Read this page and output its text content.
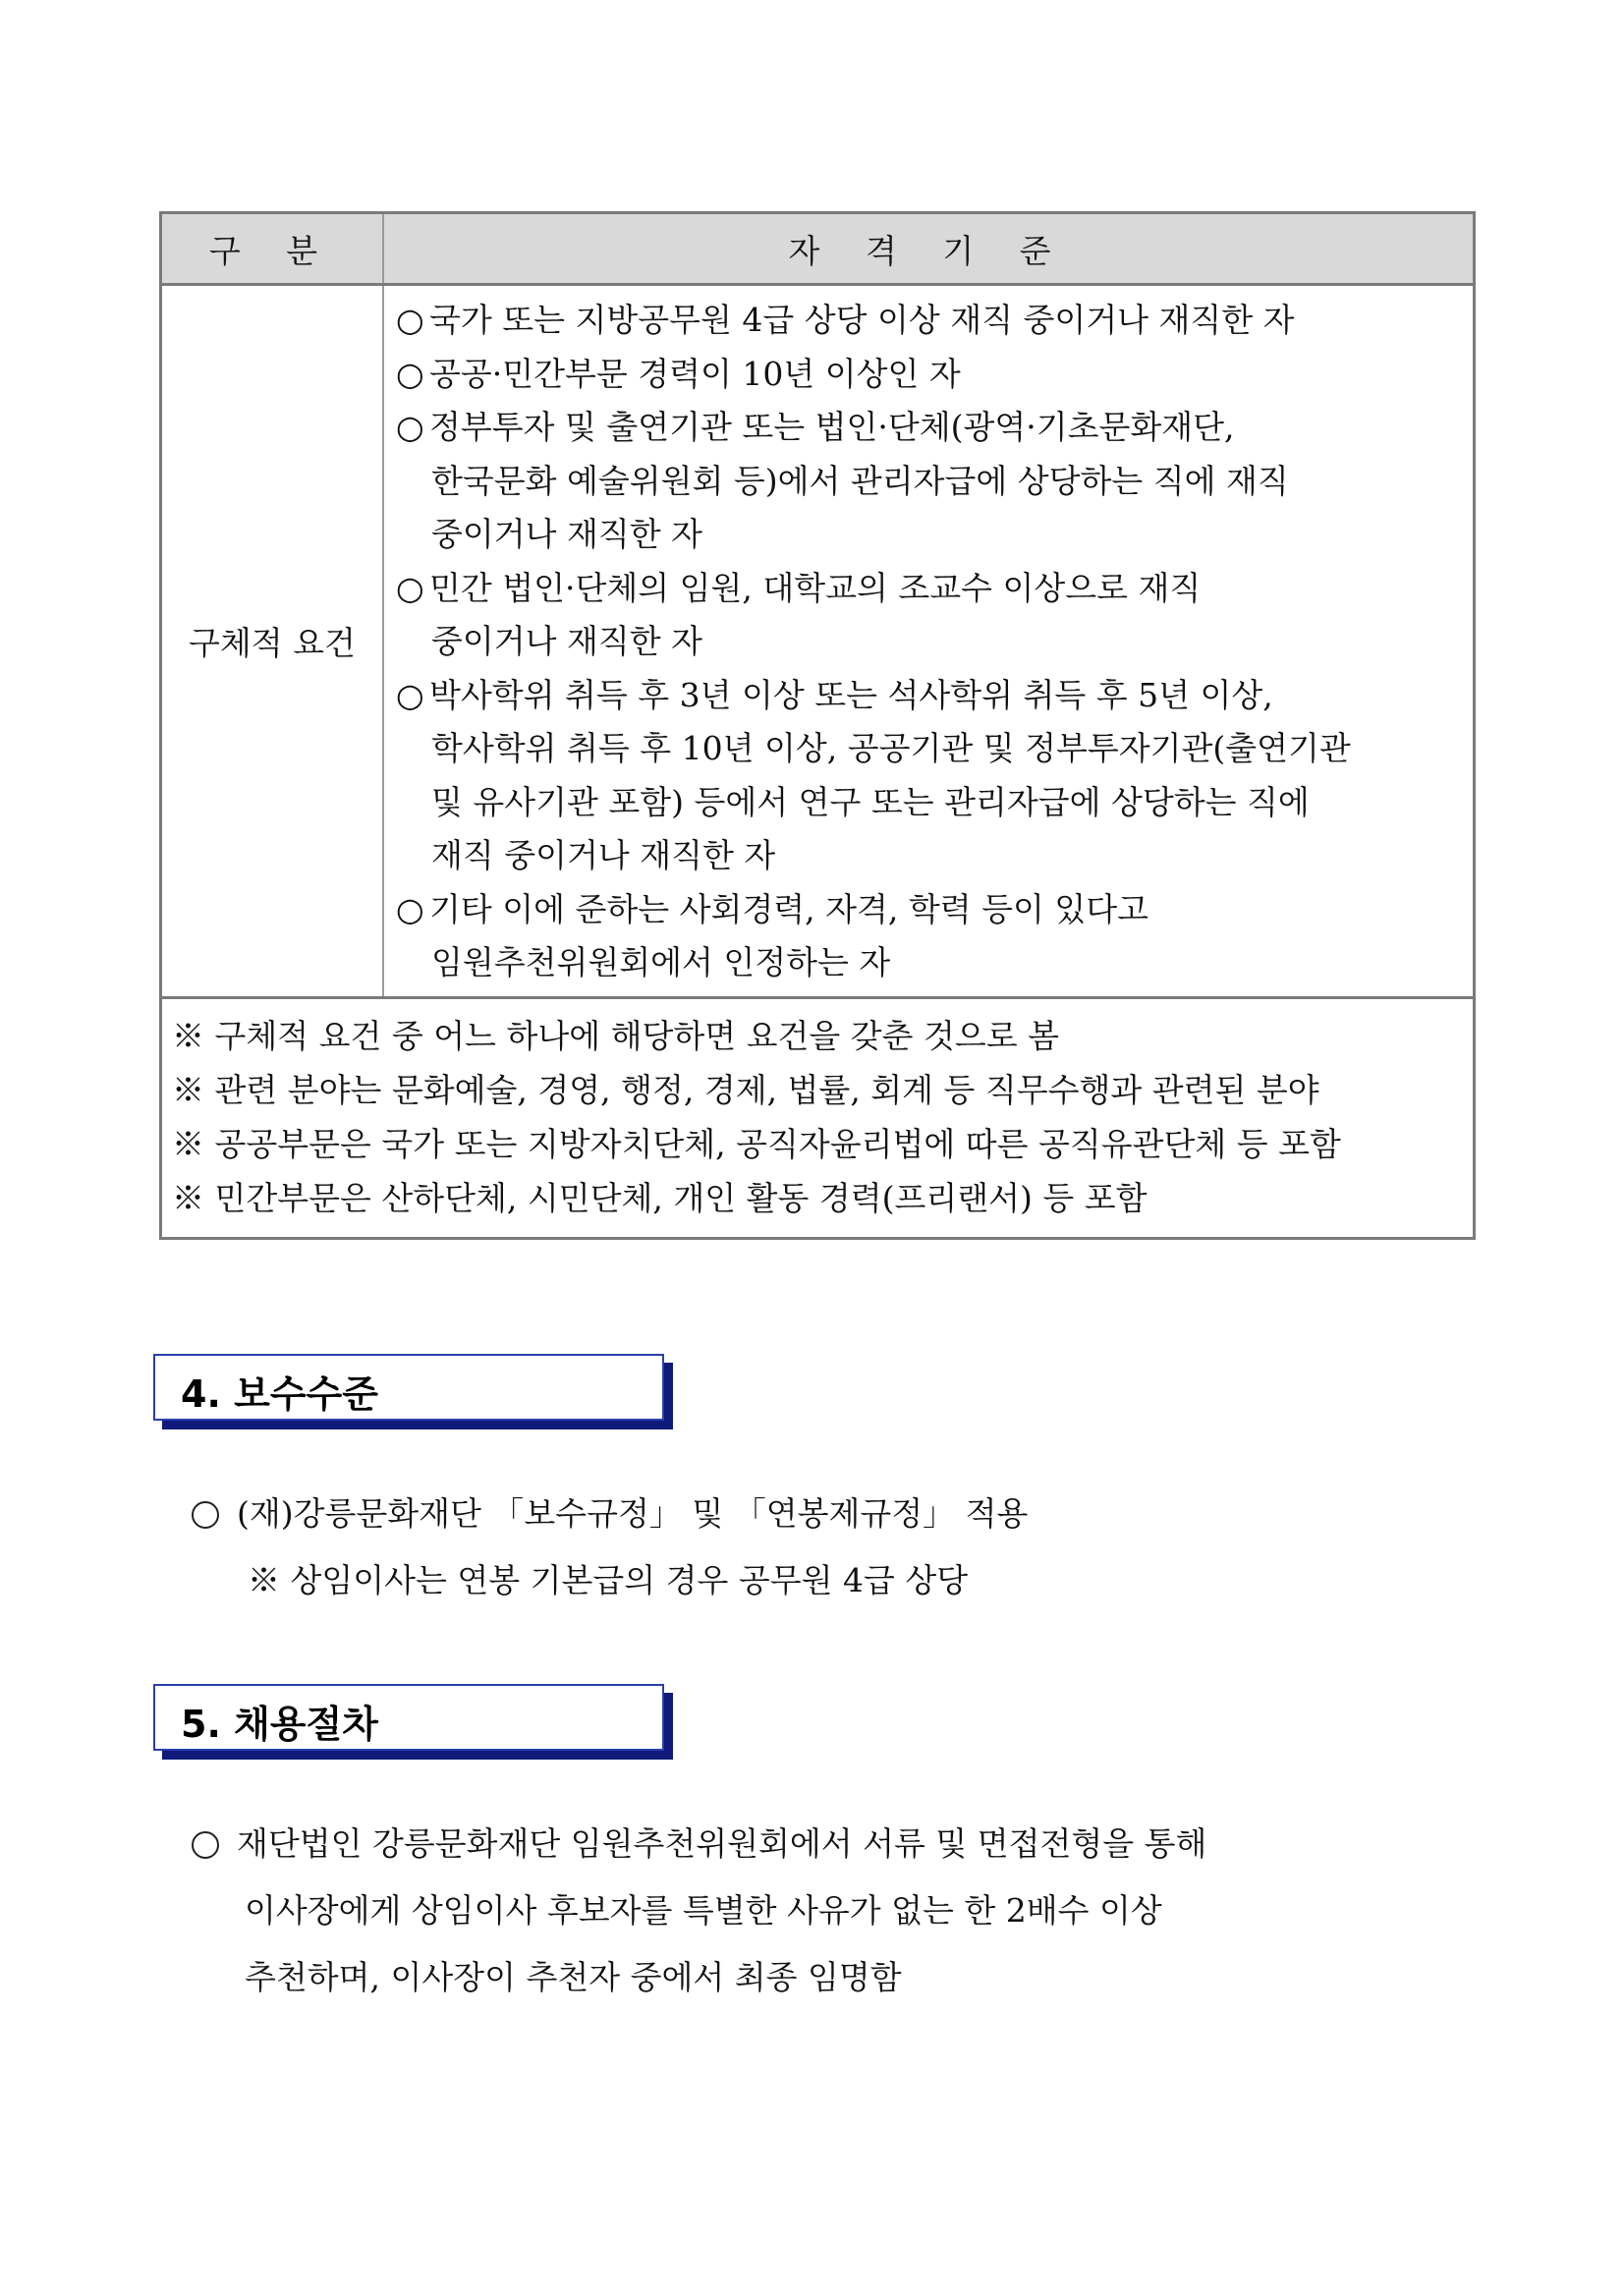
구 분	자 격 기 준
구체적 요건
○ 국가 또는 지방공무원 4급 상당 이상 재직 중이거나 재직한 자
○ 공공·민간부문 경력이 10년 이상인 자
○ 정부투자 및 출연기관 또는 법인·단체(광역·기초문화재단,
한국문화 예술위원회 등)에서 관리자급에 상당하는 직에 재직
중이거나 재직한 자
○ 민간 법인·단체의 임원, 대학교의 조교수 이상으로 재직
중이거나 재직한 자
○ 박사학위 취득 후 3년 이상 또는 석사학위 취득 후 5년 이상,
학사학위 취득 후 10년 이상, 공공기관 및 정부투자기관(출연기관
및 유사기관 포함) 등에서 연구 또는 관리자급에 상당하는 직에
재직 중이거나 재직한 자
○ 기타 이에 준하는 사회경력, 자격, 학력 등이 있다고
임원추천위원회에서 인정하는 자
※ 구체적 요건 중 어느 하나에 해당하면 요건을 갖춘 것으로 봄
※ 관련 분야는 문화예술, 경영, 행정, 경제, 법률, 회계 등 직무수행과 관련된 분야
※ 공공부문은 국가 또는 지방자치단체, 공직자윤리법에 따른 공직유관단체 등 포함
※ 민간부문은 산하단체, 시민단체, 개인 활동 경력(프리랜서) 등 포함
4. 보수수준
(재)강릉문화재단 「보수규정」 및 「연봉제규정」 적용
※ 상임이사는 연봉 기본급의 경우 공무원 4급 상당
5. 채용절차
재단법인 강릉문화재단 임원추천위원회에서 서류 및 면접전형을 통해
이사장에게 상임이사 후보자를 특별한 사유가 없는 한 2배수 이상
추천하며, 이사장이 추천자 중에서 최종 임명함
